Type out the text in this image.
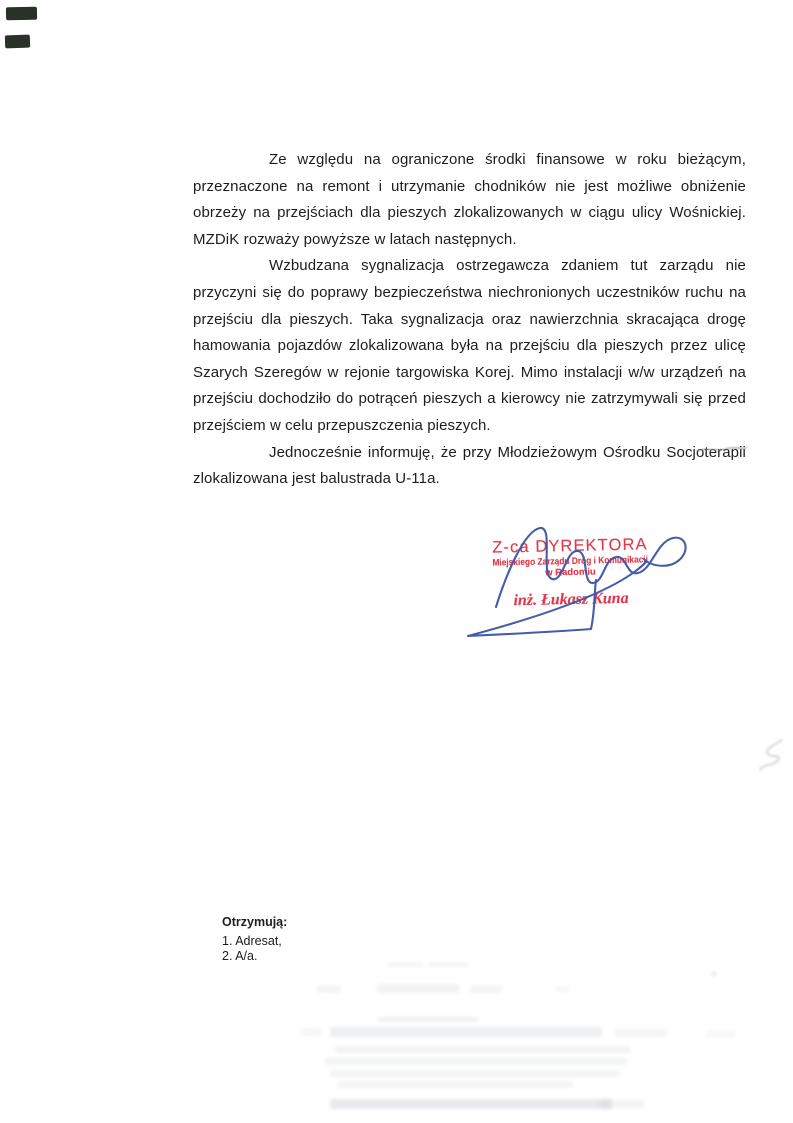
Ze względu na ograniczone środki finansowe w roku bieżącym, przeznaczone na remont i utrzymanie chodników nie jest możliwe obniżenie obrzeży na przejściach dla pieszych zlokalizowanych w ciągu ulicy Wośnickiej. MZDiK rozważy powyższe w latach następnych.

Wzbudzana sygnalizacja ostrzegawcza zdaniem tut zarządu nie przyczyni się do poprawy bezpieczeństwa niechronionych uczestników ruchu na przejściu dla pieszych. Taka sygnalizacja oraz nawierzchnia skracająca drogę hamowania pojazdów zlokalizowana była na przejściu dla pieszych przez ulicę Szarych Szeregów w rejonie targowiska Korej. Mimo instalacji w/w urządzeń na przejściu dochodziło do potrąceń pieszych a kierowcy nie zatrzymywali się przed przejściem w celu przepuszczenia pieszych.

Jednocześnie informuję, że przy Młodzieżowym Ośrodku Socjoterapii zlokalizowana jest balustrada U-11a.

Z-ca DYREKTORA
Miejskiego Zarządu Dróg i Komunikacji
w Radomiu
inż. Łukasz Kuna
Otrzymują:
1. Adresat,
2. A/a.
